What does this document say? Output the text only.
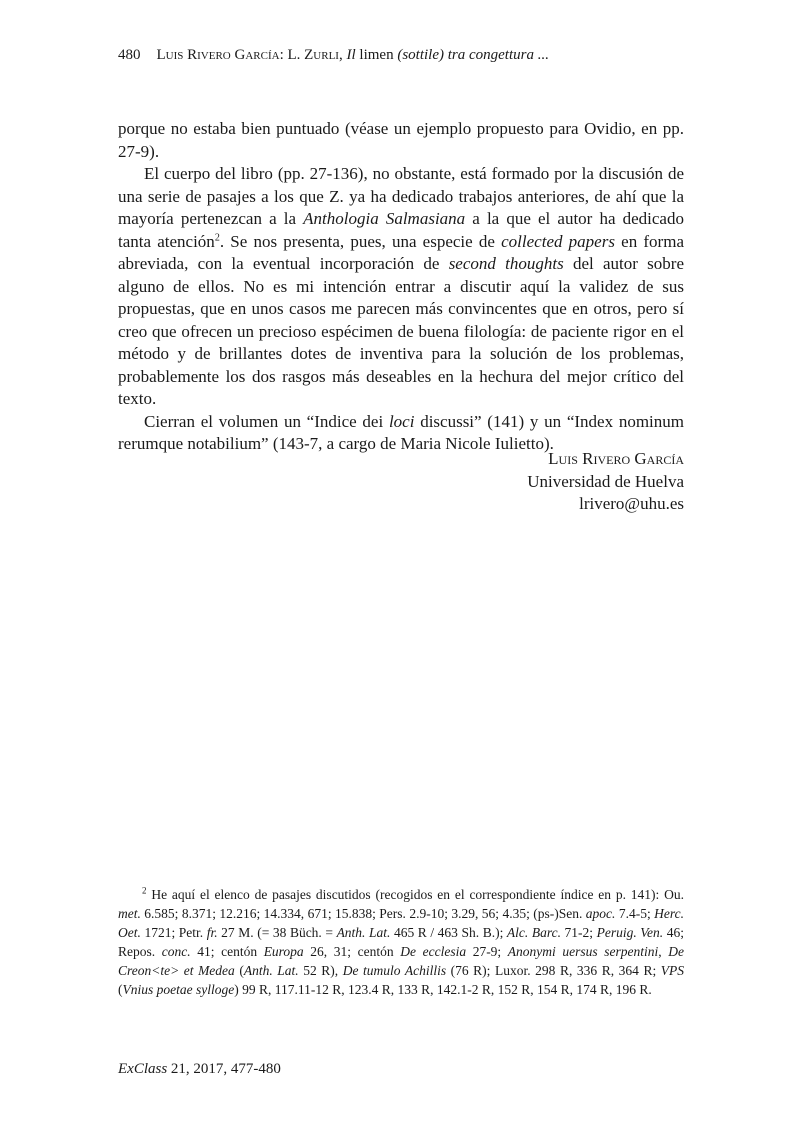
480 Luis Rivero García: L. Zurli, Il limen (sottile) tra congettura ...

porque no estaba bien puntuado (véase un ejemplo propuesto para Ovidio, en pp. 27-9).

El cuerpo del libro (pp. 27-136), no obstante, está formado por la discusión de una serie de pasajes a los que Z. ya ha dedicado trabajos anteriores, de ahí que la mayoría pertenezcan a la Anthologia Salmasiana a la que el autor ha dedicado tanta atención$^2$. Se nos presenta, pues, una especie de collected papers en forma abreviada, con la eventual incorporación de second thoughts del autor sobre alguno de ellos. No es mi intención entrar a discutir aquí la validez de sus propuestas, que en unos casos me parecen más convincentes que en otros, pero sí creo que ofrecen un precioso espécimen de buena filología: de paciente rigor en el método y de brillantes dotes de inventiva para la solución de los problemas, probablemente los dos rasgos más deseables en la hechura del mejor crítico del texto.

Cierran el volumen un “Indice dei loci discussi” (141) y un “Index nominum rerumque notabilium” (143-7, a cargo de Maria Nicole Iulietto).

Luis Rivero García
Universidad de Huelva
lrivero@uhu.es

$^2$ He aquí el elenco de pasajes discutidos (recogidos en el correspondiente índice en p. 141): Ou. met. 6.585; 8.371; 12.216; 14.334, 671; 15.838; Pers. 2.9-10; 3.29, 56; 4.35; (ps-)Sen. apoc. 7.4-5; Herc. Oet. 1721; Petr. fr. 27 M. (= 38 Büch. = Anth. Lat. 465 R / 463 Sh. B.); Alc. Barc. 71-2; Peruig. Ven. 46; Repos. conc. 41; centón Europa 26, 31; centón De ecclesia 27-9; Anonymi uersus serpentini, De Creon<te> et Medea (Anth. Lat. 52 R), De tumulo Achillis (76 R); Luxor. 298 R, 336 R, 364 R; VPS (Vnius poetae sylloge) 99 R, 117.11-12 R, 123.4 R, 133 R, 142.1-2 R, 152 R, 154 R, 174 R, 196 R.

ExClass 21, 2017, 477-480
